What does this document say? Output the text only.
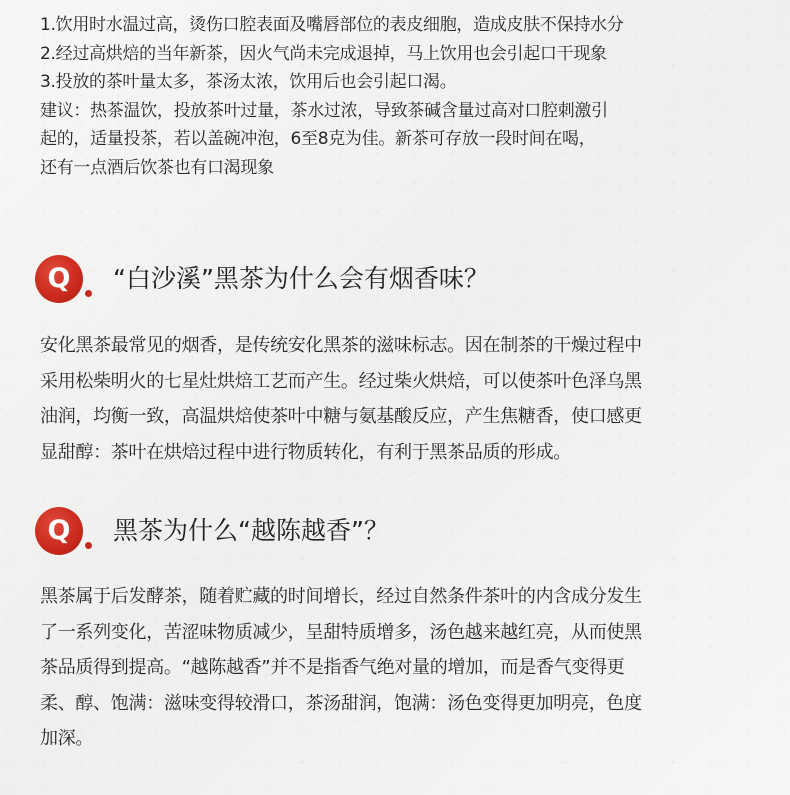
1.饮用时水温过高，烫伤口腔表面及嘴唇部位的表皮细胞，造成皮肤不保持水分
2.经过高烘焙的当年新茶，因火气尚未完成退掉，马上饮用也会引起口干现象
3.投放的茶叶量太多，茶汤太浓，饮用后也会引起口渴。
建议：热茶温饮，投放茶叶过量，茶水过浓，导致茶碱含量过高对口腔刺激引
起的，适量投茶，若以盖碗冲泡，6至8克为佳。新茶可存放一段时间在喝，
还有一点酒后饮茶也有口渴现象
Q	“白沙溪”黑茶为什么会有烟香味？
安化黑茶最常见的烟香，是传统安化黑茶的滋味标志。因在制茶的干燥过程中
采用松柴明火的七星灶烘焙工艺而产生。经过柴火烘焙，可以使茶叶色泽乌黑
油润，均衡一致，高温烘焙使茶叶中糖与氨基酸反应，产生焦糖香，使口感更
显甜醇：茶叶在烘焙过程中进行物质转化，有利于黑茶品质的形成。
Q	黑茶为什么“越陈越香”？
黑茶属于后发酵茶，随着贮藏的时间增长，经过自然条件茶叶的内含成分发生
了一系列变化，苦涩味物质减少，呈甜特质增多，汤色越来越红亮，从而使黑
茶品质得到提高。“越陈越香”并不是指香气绝对量的增加，而是香气变得更
柔、醇、饱满：滋味变得较滑口，茶汤甜润，饱满：汤色变得更加明亮，色度
加深。
